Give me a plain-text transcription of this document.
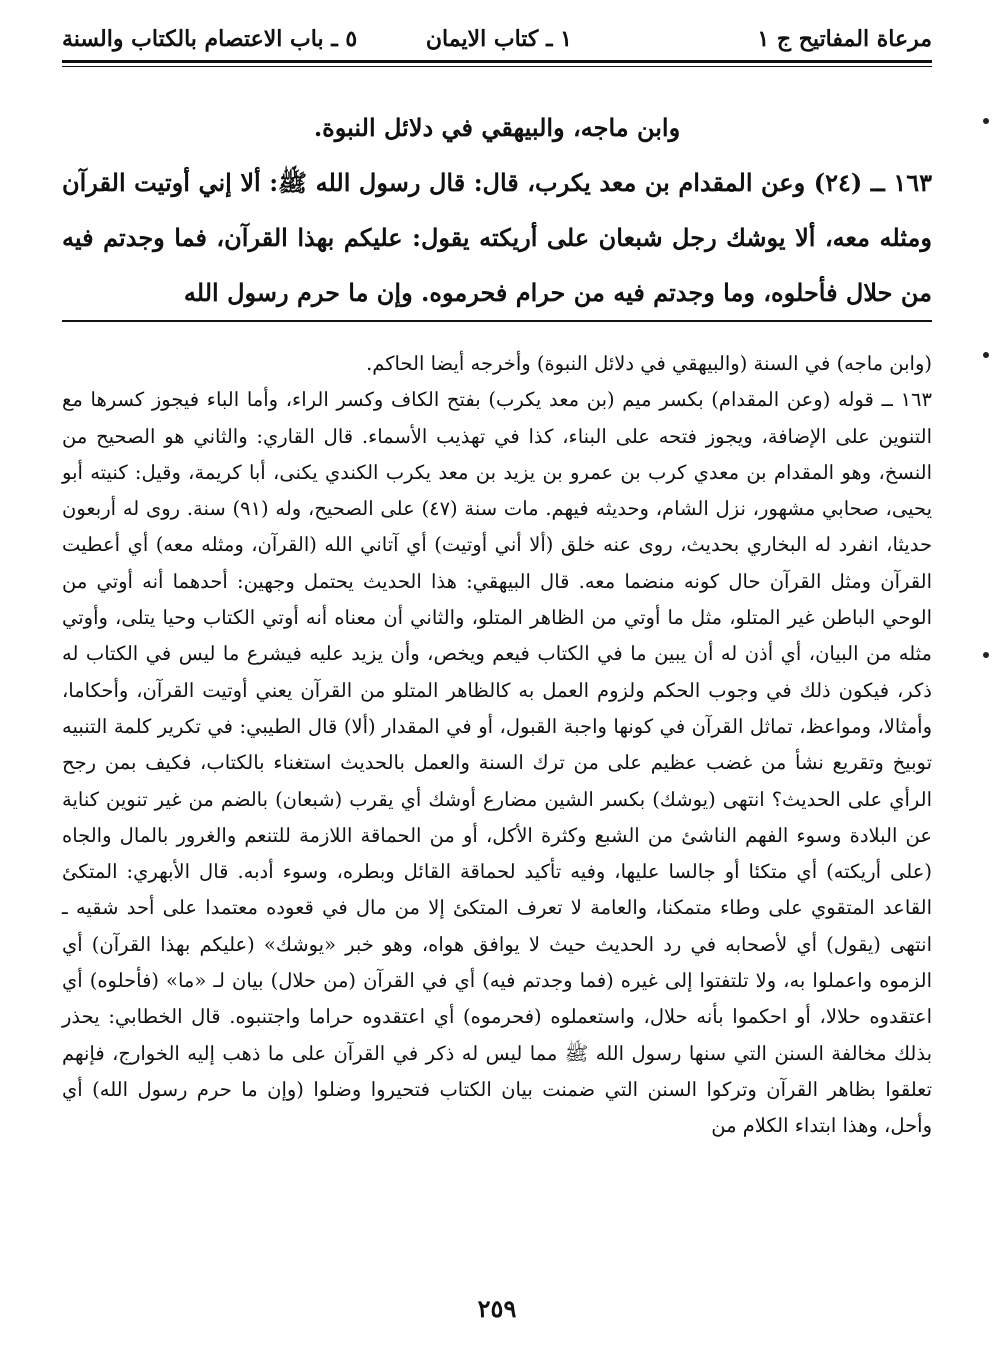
مرعاة المفاتيح ج ١
١ ـ كتاب الايمان
٥ ـ باب الاعتصام بالكتاب والسنة

وابن ماجه، والبيهقي في دلائل النبوة.

١٦٣ ــ (٢٤) وعن المقدام بن معد يكرب، قال: قال رسول الله ﷺ: ألا إني أوتيت القرآن ومثله معه، ألا يوشك رجل شبعان على أريكته يقول: عليكم بهذا القرآن، فما وجدتم فيه من حلال فأحلوه، وما وجدتم فيه من حرام فحرموه. وإن ما حرم رسول الله

(وابن ماجه) في السنة (والبيهقي في دلائل النبوة) وأخرجه أيضا الحاكم.

١٦٣ ــ قوله (وعن المقدام) بكسر ميم (بن معد يكرب) بفتح الكاف وكسر الراء، وأما الباء فيجوز كسرها مع التنوين على الإضافة، ويجوز فتحه على البناء، كذا في تهذيب الأسماء. قال القاري: والثاني هو الصحيح من النسخ، وهو المقدام بن معدي كرب بن عمرو بن يزيد بن معد يكرب الكندي يكنى، أبا كريمة، وقيل: كنيته أبو يحيى، صحابي مشهور، نزل الشام، وحديثه فيهم. مات سنة (٤٧) على الصحيح، وله (٩١) سنة. روى له أربعون حديثا، انفرد له البخاري بحديث، روى عنه خلق (ألا أني أوتيت) أي آتاني الله (القرآن، ومثله معه) أي أعطيت القرآن ومثل القرآن حال كونه منضما معه. قال البيهقي: هذا الحديث يحتمل وجهين: أحدهما أنه أوتي من الوحي الباطن غير المتلو، مثل ما أوتي من الظاهر المتلو، والثاني أن معناه أنه أوتي الكتاب وحيا يتلى، وأوتي مثله من البيان، أي أذن له أن يبين ما في الكتاب فيعم ويخص، وأن يزيد عليه فيشرع ما ليس في الكتاب له ذكر، فيكون ذلك في وجوب الحكم ولزوم العمل به كالظاهر المتلو من القرآن يعني أوتيت القرآن، وأحكاما، وأمثالا، ومواعظ، تماثل القرآن في كونها واجبة القبول، أو في المقدار (ألا) قال الطيبي: في تكرير كلمة التنبيه توبيخ وتقريع نشأ من غضب عظيم على من ترك السنة والعمل بالحديث استغناء بالكتاب، فكيف بمن رجح الرأي على الحديث؟ انتهى (يوشك) بكسر الشين مضارع أوشك أي يقرب (شبعان) بالضم من غير تنوين كناية عن البلادة وسوء الفهم الناشئ من الشبع وكثرة الأكل، أو من الحماقة اللازمة للتنعم والغرور بالمال والجاه (على أريكته) أي متكئا أو جالسا عليها، وفيه تأكيد لحماقة القائل وبطره، وسوء أدبه. قال الأبهري: المتكئ القاعد المتقوي على وطاء متمكنا، والعامة لا تعرف المتكئ إلا من مال في قعوده معتمدا على أحد شقيه ـ انتهى (يقول) أي لأصحابه في رد الحديث حيث لا يوافق هواه، وهو خبر «يوشك» (عليكم بهذا القرآن) أي الزموه واعملوا به، ولا تلتفتوا إلى غيره (فما وجدتم فيه) أي في القرآن (من حلال) بيان لـ «ما» (فأحلوه) أي اعتقدوه حلالا، أو احكموا بأنه حلال، واستعملوه (فحرموه) أي اعتقدوه حراما واجتنبوه. قال الخطابي: يحذر بذلك مخالفة السنن التي سنها رسول الله ﷺ مما ليس له ذكر في القرآن على ما ذهب إليه الخوارج، فإنهم تعلقوا بظاهر القرآن وتركوا السنن التي ضمنت بيان الكتاب فتحيروا وضلوا (وإن ما حرم رسول الله) أي وأحل، وهذا ابتداء الكلام من

٢٥٩
